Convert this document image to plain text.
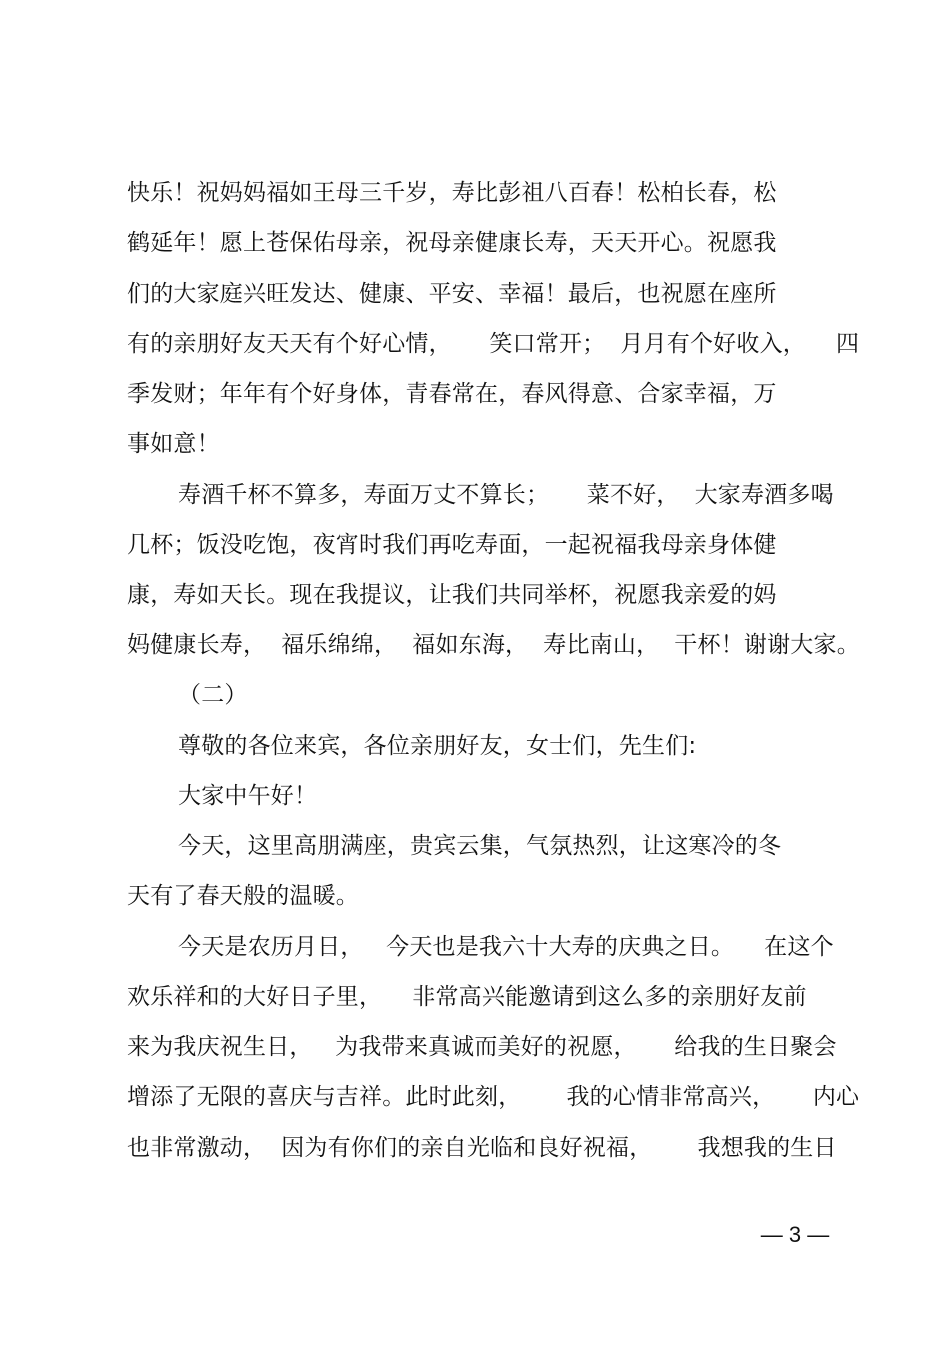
快乐！祝妈妈福如王母三千岁，寿比彭祖八百春！松柏长春，松
鹤延年！愿上苍保佑母亲，祝母亲健康长寿，天天开心。祝愿我
们的大家庭兴旺发达、健康、平安、幸福！最后，也祝愿在座所
有的亲朋好友天天有个好心情，     笑口常开；  月月有个好收入，    四
季发财；年年有个好身体，青春常在，春风得意、合家幸福，万
事如意！
寿酒千杯不算多，寿面万丈不算长；     菜不好，  大家寿酒多喝
几杯；饭没吃饱，夜宵时我们再吃寿面，一起祝福我母亲身体健
康，寿如天长。现在我提议，让我们共同举杯，祝愿我亲爱的妈
妈健康长寿，  福乐绵绵，  福如东海，  寿比南山，  干杯！谢谢大家。
（二）
尊敬的各位来宾，各位亲朋好友，女士们，先生们:
大家中午好！
今天，这里高朋满座，贵宾云集，气氛热烈，让这寒冷的冬
天有了春天般的温暖。
今天是农历月日，   今天也是我六十大寿的庆典之日。    在这个
欢乐祥和的大好日子里，    非常高兴能邀请到这么多的亲朋好友前
来为我庆祝生日，   为我带来真诚而美好的祝愿，     给我的生日聚会
增添了无限的喜庆与吉祥。此时此刻，      我的心情非常高兴，     内心
也非常激动，  因为有你们的亲自光临和良好祝福，      我想我的生日
— 3 —
